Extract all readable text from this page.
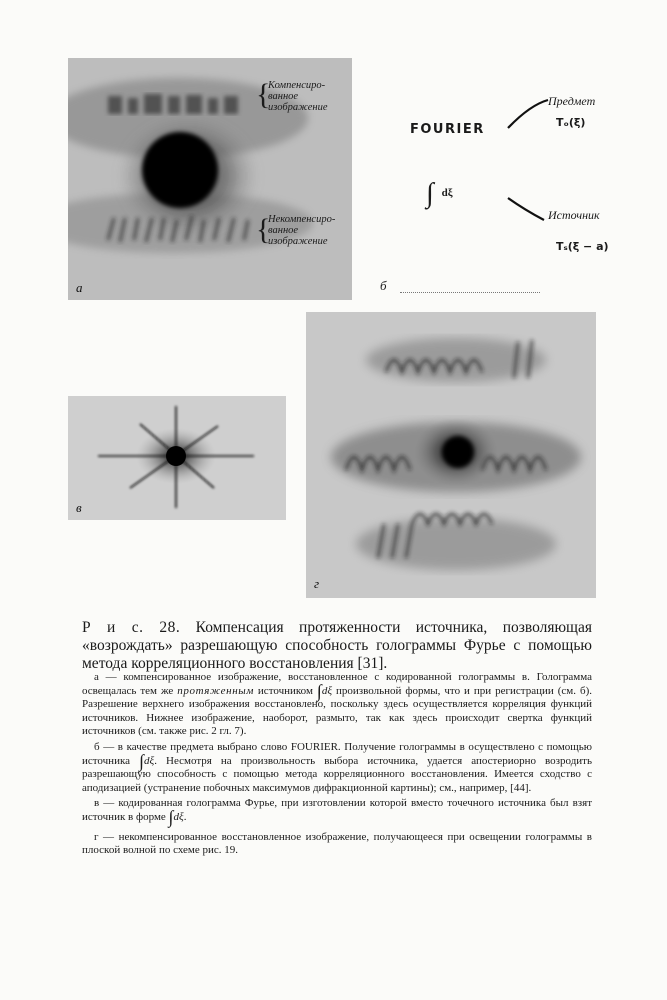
а
Компенсиро-
ванное
изображение
{
Некомпенсиро-
ванное
изображение
{
FOURIER
Предмет
Tₒ(ξ)
∫ $^{d\xi}$
Источник
Tₛ(ξ − a)
б
в
г
Р и с. 28. Компенсация протяженности источника, позволяющая «возрождать» разрешающую способность голограммы Фурье с помощью метода корреляционного восстановления [31].

а — компенсированное изображение, восстановленное с кодированной голограммы в. Голограмма освещалась тем же протяженным источником ∫dξ произвольной формы, что и при регистрации (см. б). Разрешение верхнего изображения восстановлено, поскольку здесь осуществляется корреляция функций источников. Нижнее изображение, наоборот, размыто, так как здесь происходит свертка функций источников (см. также рис. 2 гл. 7).

б — в качестве предмета выбрано слово FOURIER. Получение голограммы в осуществлено с помощью источника ∫dξ. Несмотря на произвольность выбора источника, удается апостериорно возродить разрешающую способность с помощью метода корреляционного восстановления. Имеется сходство с аподизацией (устранение побочных максимумов дифракционной картины); см., например, [44].

в — кодированная голограмма Фурье, при изготовлении которой вместо точечного источника был взят источник в форме ∫dξ.

г — некомпенсированное восстановленное изображение, получающееся при освещении голограммы в плоской волной по схеме рис. 19.
